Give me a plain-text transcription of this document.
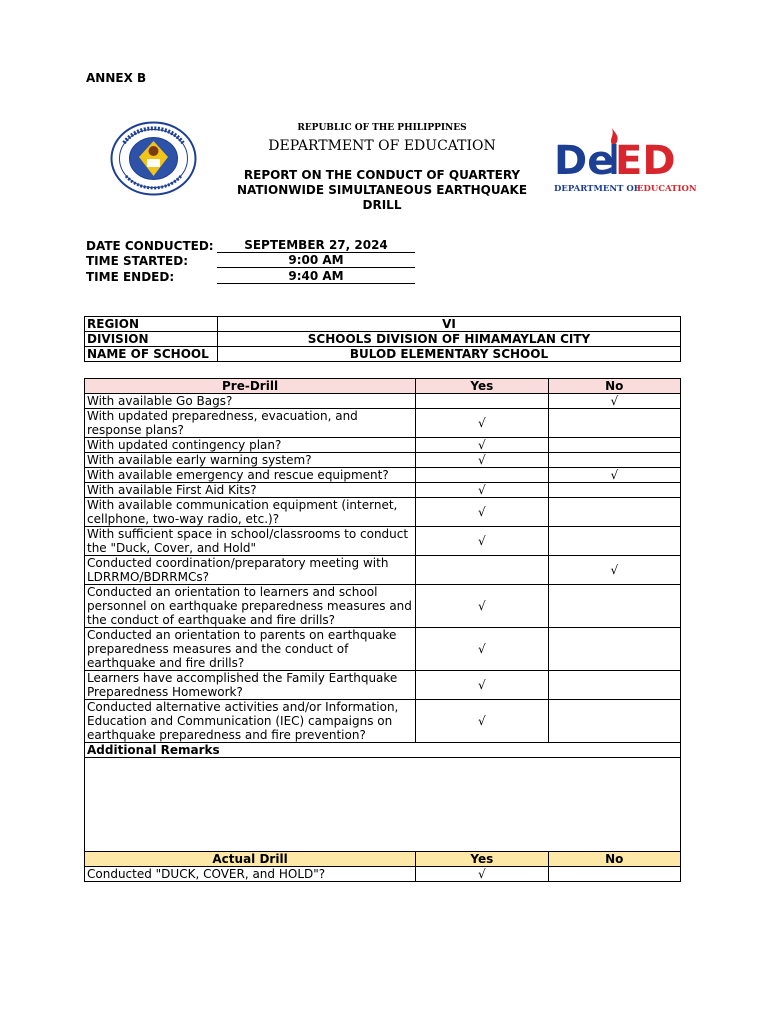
ANNEX B
De ED
DEPARTMENT OF
EDUCATION
REPUBLIC OF THE PHILIPPINES
DEPARTMENT OF EDUCATION
REPORT ON THE CONDUCT OF QUARTERY NATIONWIDE SIMULTANEOUS EARTHQUAKE DRILL
DATE CONDUCTED:	SEPTEMBER 27, 2024
TIME STARTED:	9:00 AM
TIME ENDED:	9:40 AM
REGION	VI
DIVISION	SCHOOLS DIVISION OF HIMAMAYLAN CITY
NAME OF SCHOOL	BULOD ELEMENTARY SCHOOL
Pre-Drill	Yes	No
With available Go Bags?		√
With updated preparedness, evacuation, and response plans?	√	
With updated contingency plan?	√	
With available early warning system?	√	
With available emergency and rescue equipment?		√
With available First Aid Kits?	√	
With available communication equipment (internet, cellphone, two-way radio, etc.)?	√	
With sufficient space in school/classrooms to conduct the "Duck, Cover, and Hold"	√	
Conducted coordination/preparatory meeting with LDRRMO/BDRRMCs?		√
Conducted an orientation to learners and school personnel on earthquake preparedness measures and the conduct of earthquake and fire drills?	√	
Conducted an orientation to parents on earthquake preparedness measures and the conduct of earthquake and fire drills?	√	
Learners have accomplished the Family Earthquake Preparedness Homework?	√	
Conducted alternative activities and/or Information, Education and Communication (IEC) campaigns on earthquake preparedness and fire prevention?	√	
Additional Remarks		

Actual Drill	Yes	No
Conducted "DUCK, COVER, and HOLD"?	√	
